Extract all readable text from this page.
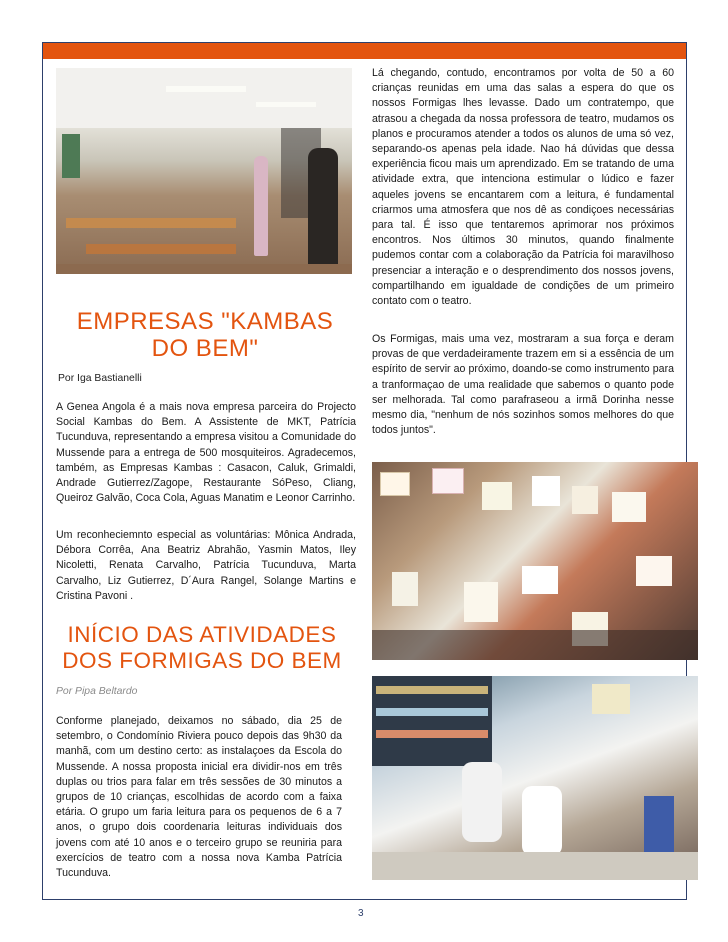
Lá chegando, contudo, encontramos por volta de 50 a 60 crianças reunidas em uma das salas a espera do que os nossos Formigas lhes levasse. Dado um contratempo, que atrasou a chegada da nossa professora de teatro, mudamos os planos e procuramos atender a todos os alunos de uma só vez, separando-os apenas pela idade. Nao há dúvidas que dessa experiência ficou mais um aprendizado. Em se tratando de uma atividade extra, que intenciona estimular o lúdico e fazer aqueles jovens se encantarem com a leitura, é fundamental criarmos uma atmosfera que nos dê as condiçoes necessárias para tal. É isso que tentaremos aprimorar nos próximos encontros. Nos últimos 30 minutos, quando finalmente pudemos contar com a colaboração da Patrícia foi maravilhoso presenciar a interação e o desprendimento dos nossos jovens, compartilhando em igualdade de condições de um primeiro contato com o teatro.
EMPRESAS "KAMBAS DO BEM"
Por Iga Bastianelli
Os Formigas, mais uma vez, mostraram a sua força e deram provas de que verdadeiramente trazem em si a essência de um espírito de servir ao próximo, doando-se como instrumento para a tranformaçao de uma realidade que sabemos o quanto pode ser melhorada. Tal como parafraseou a irmã Dorinha nesse mesmo dia, "nenhum de nós sozinhos somos melhores do que todos juntos".
A Genea Angola é a mais nova empresa parceira do Projecto Social Kambas do Bem. A Assistente de MKT, Patrícia Tucunduva, representando a empresa visitou a Comunidade do Mussende para a entrega de 500 mosquiteiros. Agradecemos, também, as Empresas Kambas : Casacon, Caluk, Grimaldi, Andrade Gutierrez/Zagope, Restaurante SóPeso, Cliang, Queiroz Galvão, Coca Cola, Aguas Manatim e Leonor Carrinho.
Um reconheciemnto especial as voluntárias: Mônica Andrada, Débora Corrêa, Ana Beatriz Abrahão, Yasmin Matos, Iley Nicoletti, Renata Carvalho, Patrícia Tucunduva, Marta Carvalho, Liz Gutierrez, D´Aura Rangel, Solange Martins e Cristina Pavoni .
INÍCIO DAS ATIVIDADES DOS FORMIGAS DO BEM
Por Pipa Beltardo
Conforme planejado, deixamos no sábado, dia 25 de setembro, o Condomínio Riviera pouco depois das 9h30 da manhã, com um destino certo: as instalaçoes da Escola do Mussende. A nossa proposta inicial era dividir-nos em três duplas ou trios para falar em três sessões de 30 minutos a grupos de 10 crianças, escolhidas de acordo com a faixa etária. O grupo um faria leitura para os pequenos de 6 a 7 anos, o grupo dois coordenaria leituras individuais dos jovens com até 10 anos e o terceiro grupo se reuniria para exercícios de teatro com a nossa nova Kamba Patrícia Tucunduva.
3
